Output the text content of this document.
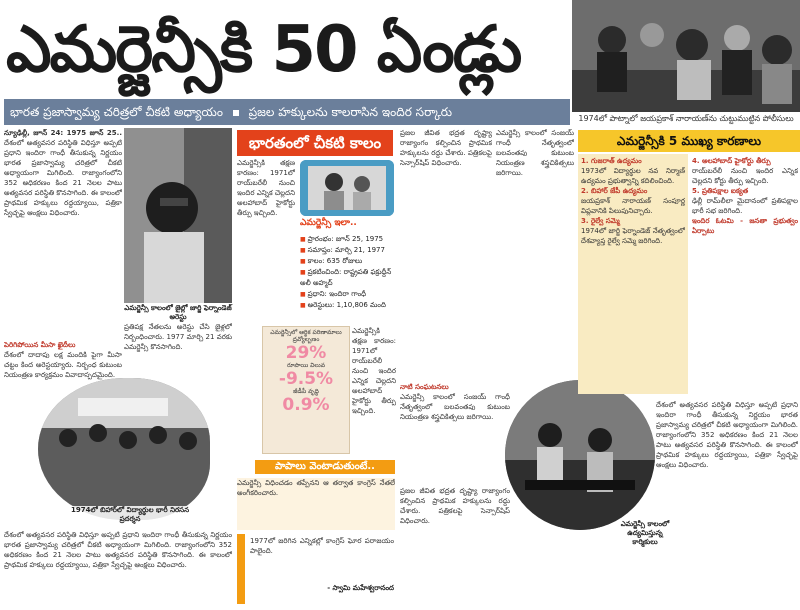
ఎమర్జెన్సీకి 50 ఏండ్లు
భారత ప్రజాస్వామ్య చరిత్రలో చీకటి అధ్యాయం ప్రజల హక్కులను కాలరాసిన ఇందిర సర్కారు	1974లో పాట్నాలో జయప్రకాశ్ నారాయణ్‌ను చుట్టుముట్టిన పోలీసులు
న్యూఢిల్లీ, జూన్ 24: 1975 జూన్ 25.. దేశంలో అత్యవసర పరిస్థితి విధిస్తూ అప్పటి ప్రధాని ఇందిరా గాంధీ తీసుకున్న నిర్ణయం భారత ప్రజాస్వామ్య చరిత్రలో చీకటి అధ్యాయంగా మిగిలింది. రాజ్యాంగంలోని 352 అధికరణం కింద 21 నెలల పాటు అత్యవసర పరిస్థితి కొనసాగింది. ఈ కాలంలో ప్రాథమిక హక్కులు రద్దయ్యాయి, పత్రికా స్వేచ్ఛపై ఆంక్షలు విధించారు.
ఎమర్జెన్సీ కాలంలో జైల్లో జార్జి ఫెర్నాండెజ్ అరెస్టు
ప్రతిపక్ష నేతలను అరెస్టు చేసి జైళ్లలో నిర్బంధించారు. 1977 మార్చి 21 వరకు ఎమర్జెన్సీ కొనసాగింది.
పెరిగిపోయిన మీసా ఖైదీలు
దేశంలో దాదాపు లక్ష మందికి పైగా మీసా చట్టం కింద అరెస్టయ్యారు. నిర్బంధ కుటుంబ నియంత్రణ కార్యక్రమం వివాదాస్పదమైంది.
1974లో బిహార్‌లో విద్యార్థుల భారీ నిరసన ప్రదర్శన
దేశంలో అత్యవసర పరిస్థితి విధిస్తూ అప్పటి ప్రధాని ఇందిరా గాంధీ తీసుకున్న నిర్ణయం భారత ప్రజాస్వామ్య చరిత్రలో చీకటి అధ్యాయంగా మిగిలింది. రాజ్యాంగంలోని 352 అధికరణం కింద 21 నెలల పాటు అత్యవసర పరిస్థితి కొనసాగింది. ఈ కాలంలో ప్రాథమిక హక్కులు రద్దయ్యాయి, పత్రికా స్వేచ్ఛపై ఆంక్షలు విధించారు.
భారతంలో చీకటి కాలం
ఎమర్జెన్సీకి తక్షణ కారణం: 1971లో రాయ్‌బరేలీ నుంచి ఇందిర ఎన్నిక చెల్లదని అలహాబాద్ హైకోర్టు తీర్పు ఇచ్చింది.
ఎమర్జెన్సీ ఇలా..
■ ప్రారంభం: జూన్ 25, 1975
■ సమాప్తం: మార్చి 21, 1977
■ కాలం: 635 రోజులు
■ ప్రకటించింది: రాష్ట్రపతి ఫక్రుద్దీన్ అలీ అహ్మద్
■ ప్రధాని: ఇందిరా గాంధీ
■ అరెస్టులు: 1,10,806 మంది
ఎమర్జెన్సీలో ఆర్థిక పరిణామాలు
ద్రవ్యోల్బణం
29%
రూపాయి విలువ
-9.5%
జీడీపీ వృద్ధి
0.9%
ఎమర్జెన్సీకి తక్షణ కారణం: 1971లో రాయ్‌బరేలీ నుంచి ఇందిర ఎన్నిక చెల్లదని అలహాబాద్ హైకోర్టు తీర్పు ఇచ్చింది.
పాపాలు వెంటాడుతుంటే..
ఎమర్జెన్సీ విధించడం తప్పేనని ఆ తర్వాత కాంగ్రెస్ నేతలే అంగీకరించారు.
1977లో జరిగిన ఎన్నికల్లో కాంగ్రెస్ ఘోర పరాజయం పాలైంది.
- స్వామి మహేశ్వరానంద
ప్రజల జీవిత భద్రత దృష్ట్యా రాజ్యాంగం కల్పించిన ప్రాథమిక హక్కులను రద్దు చేశారు. పత్రికలపై సెన్సార్‌షిప్ విధించారు.
ఎమర్జెన్సీ కాలంలో సంజయ్ గాంధీ నేతృత్వంలో బలవంతపు కుటుంబ నియంత్రణ శస్త్రచికిత్సలు జరిగాయి.
నాటి సంఘటనలు
ఎమర్జెన్సీ కాలంలో సంజయ్ గాంధీ నేతృత్వంలో బలవంతపు కుటుంబ నియంత్రణ శస్త్రచికిత్సలు జరిగాయి.
ఎమర్జెన్సీ కాలంలో ఉద్యమిస్తున్న కార్మికులు
ప్రజల జీవిత భద్రత దృష్ట్యా రాజ్యాంగం కల్పించిన ప్రాథమిక హక్కులను రద్దు చేశారు. పత్రికలపై సెన్సార్‌షిప్ విధించారు.
ఎమర్జెన్సీకి 5 ముఖ్య కారణాలు
1. గుజరాత్ ఉద్యమం
1973లో విద్యార్థుల నవ నిర్మాణ్ ఉద్యమం ప్రభుత్వాన్ని కదిలించింది.
2. బిహార్ జేపీ ఉద్యమం
జయప్రకాశ్ నారాయణ్ సంపూర్ణ విప్లవానికి పిలుపునిచ్చారు.
3. రైల్వే సమ్మె
1974లో జార్జి ఫెర్నాండెజ్ నేతృత్వంలో దేశవ్యాప్త రైల్వే సమ్మె జరిగింది.
4. అలహాబాద్ హైకోర్టు తీర్పు
రాయ్‌బరేలీ నుంచి ఇందిర ఎన్నిక చెల్లదని కోర్టు తీర్పు ఇచ్చింది.
5. ప్రతిపక్షాల ఐక్యత
ఢిల్లీ రామ్‌లీలా మైదానంలో ప్రతిపక్షాల భారీ సభ జరిగింది.
ఇందిర ఓటమి - జనతా ప్రభుత్వం ఏర్పాటు
దేశంలో అత్యవసర పరిస్థితి విధిస్తూ అప్పటి ప్రధాని ఇందిరా గాంధీ తీసుకున్న నిర్ణయం భారత ప్రజాస్వామ్య చరిత్రలో చీకటి అధ్యాయంగా మిగిలింది. రాజ్యాంగంలోని 352 అధికరణం కింద 21 నెలల పాటు అత్యవసర పరిస్థితి కొనసాగింది. ఈ కాలంలో ప్రాథమిక హక్కులు రద్దయ్యాయి, పత్రికా స్వేచ్ఛపై ఆంక్షలు విధించారు.
